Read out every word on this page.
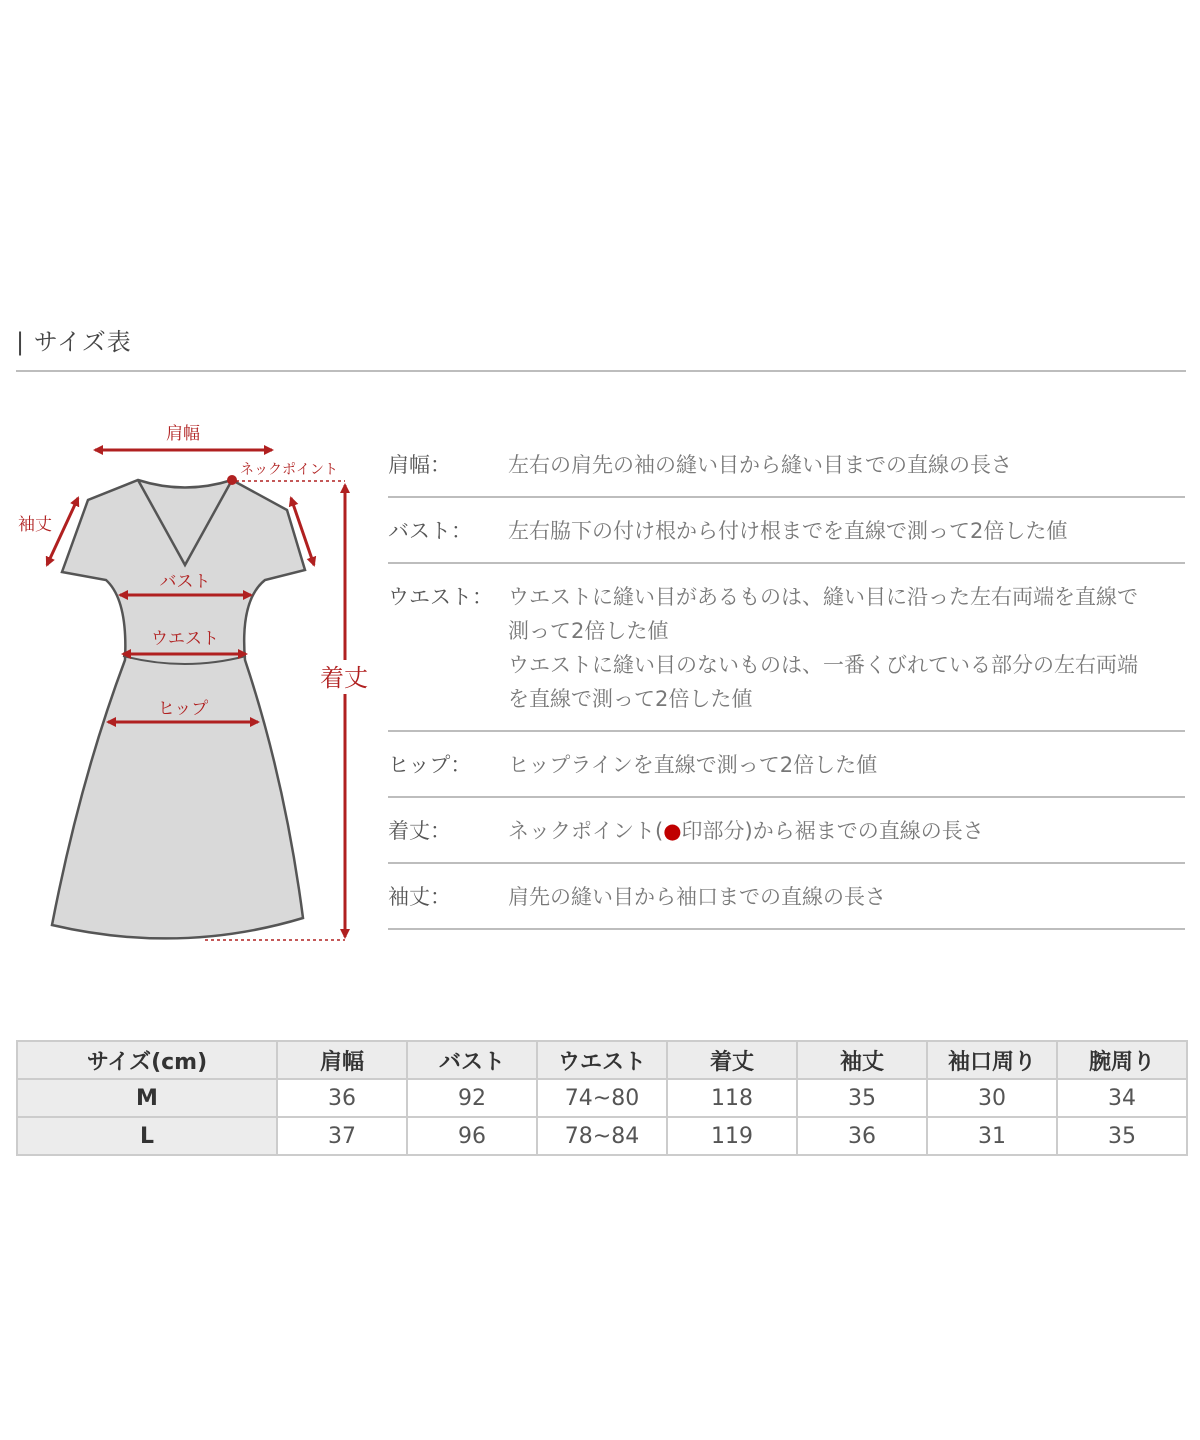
| サイズ表
肩幅
ネックポイント
袖丈
バスト
ウエスト
ヒップ
着丈
肩幅：	左右の肩先の袖の縫い目から縫い目までの直線の長さ
バスト：	左右脇下の付け根から付け根までを直線で測って2倍した値
ウエスト： ウエストに縫い目があるものは、縫い目に沿った左右両端を直線で
測って2倍した値
ウエストに縫い目のないものは、一番くびれている部分の左右両端
を直線で測って2倍した値
ヒップ：	ヒップラインを直線で測って2倍した値
着丈：	ネックポイント(●印部分)から裾までの直線の長さ
袖丈：	肩先の縫い目から袖口までの直線の長さ
サイズ(cm)	肩幅	バスト	ウエスト	着丈	袖丈	袖口周り	腕周り
M	36	92	74~80	118	35	30	34
L	37	96	78~84	119	36	31	35
